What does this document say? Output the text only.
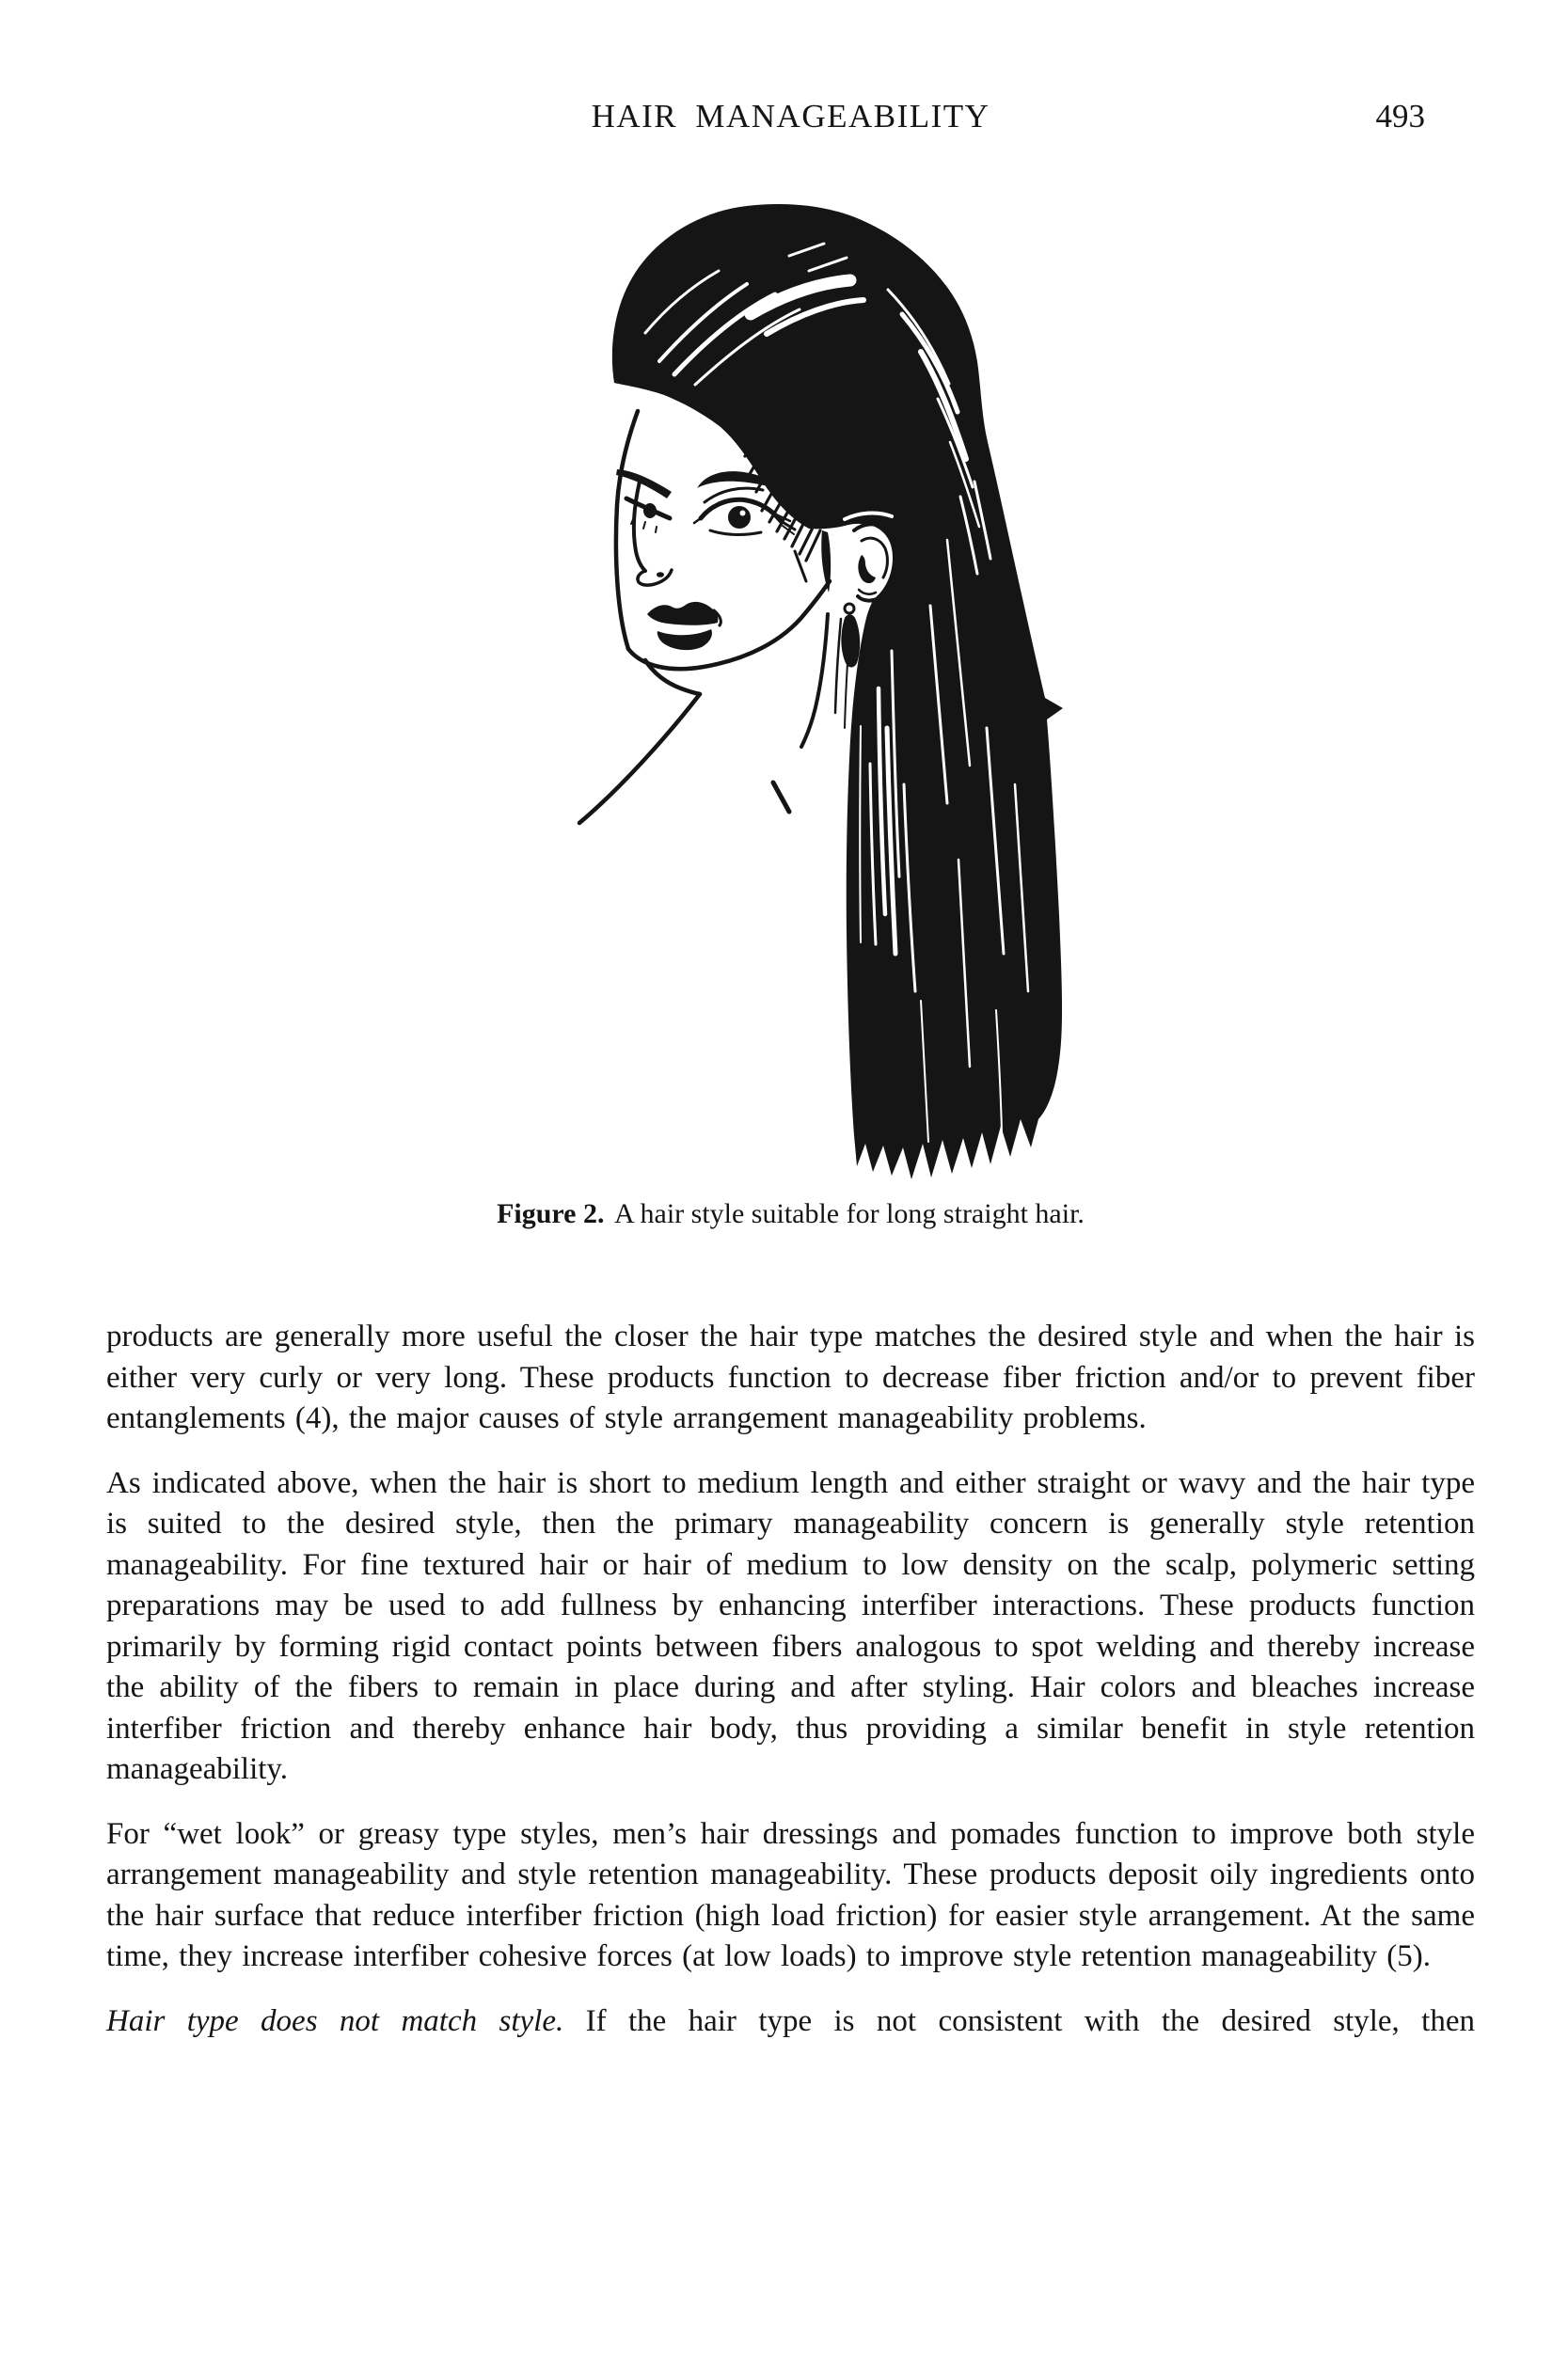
HAIR MANAGEABILITY	493
Figure 2. A hair style suitable for long straight hair.

products are generally more useful the closer the hair type matches the desired style and when the hair is either very curly or very long. These products function to decrease fiber friction and/or to prevent fiber entanglements (4), the major causes of style arrangement manageability problems.

As indicated above, when the hair is short to medium length and either straight or wavy and the hair type is suited to the desired style, then the primary manageability concern is generally style retention manageability. For fine textured hair or hair of medium to low density on the scalp, polymeric setting preparations may be used to add fullness by enhancing interfiber interactions. These products function primarily by forming rigid contact points between fibers analogous to spot welding and thereby increase the ability of the fibers to remain in place during and after styling. Hair colors and bleaches increase interfiber friction and thereby enhance hair body, thus providing a similar benefit in style retention manageability.

For “wet look” or greasy type styles, men’s hair dressings and pomades function to improve both style arrangement manageability and style retention manageability. These products deposit oily ingredients onto the hair surface that reduce interfiber friction (high load friction) for easier style arrangement. At the same time, they increase interfiber cohesive forces (at low loads) to improve style retention manageability (5).

Hair type does not match style. If the hair type is not consistent with the desired style, then
